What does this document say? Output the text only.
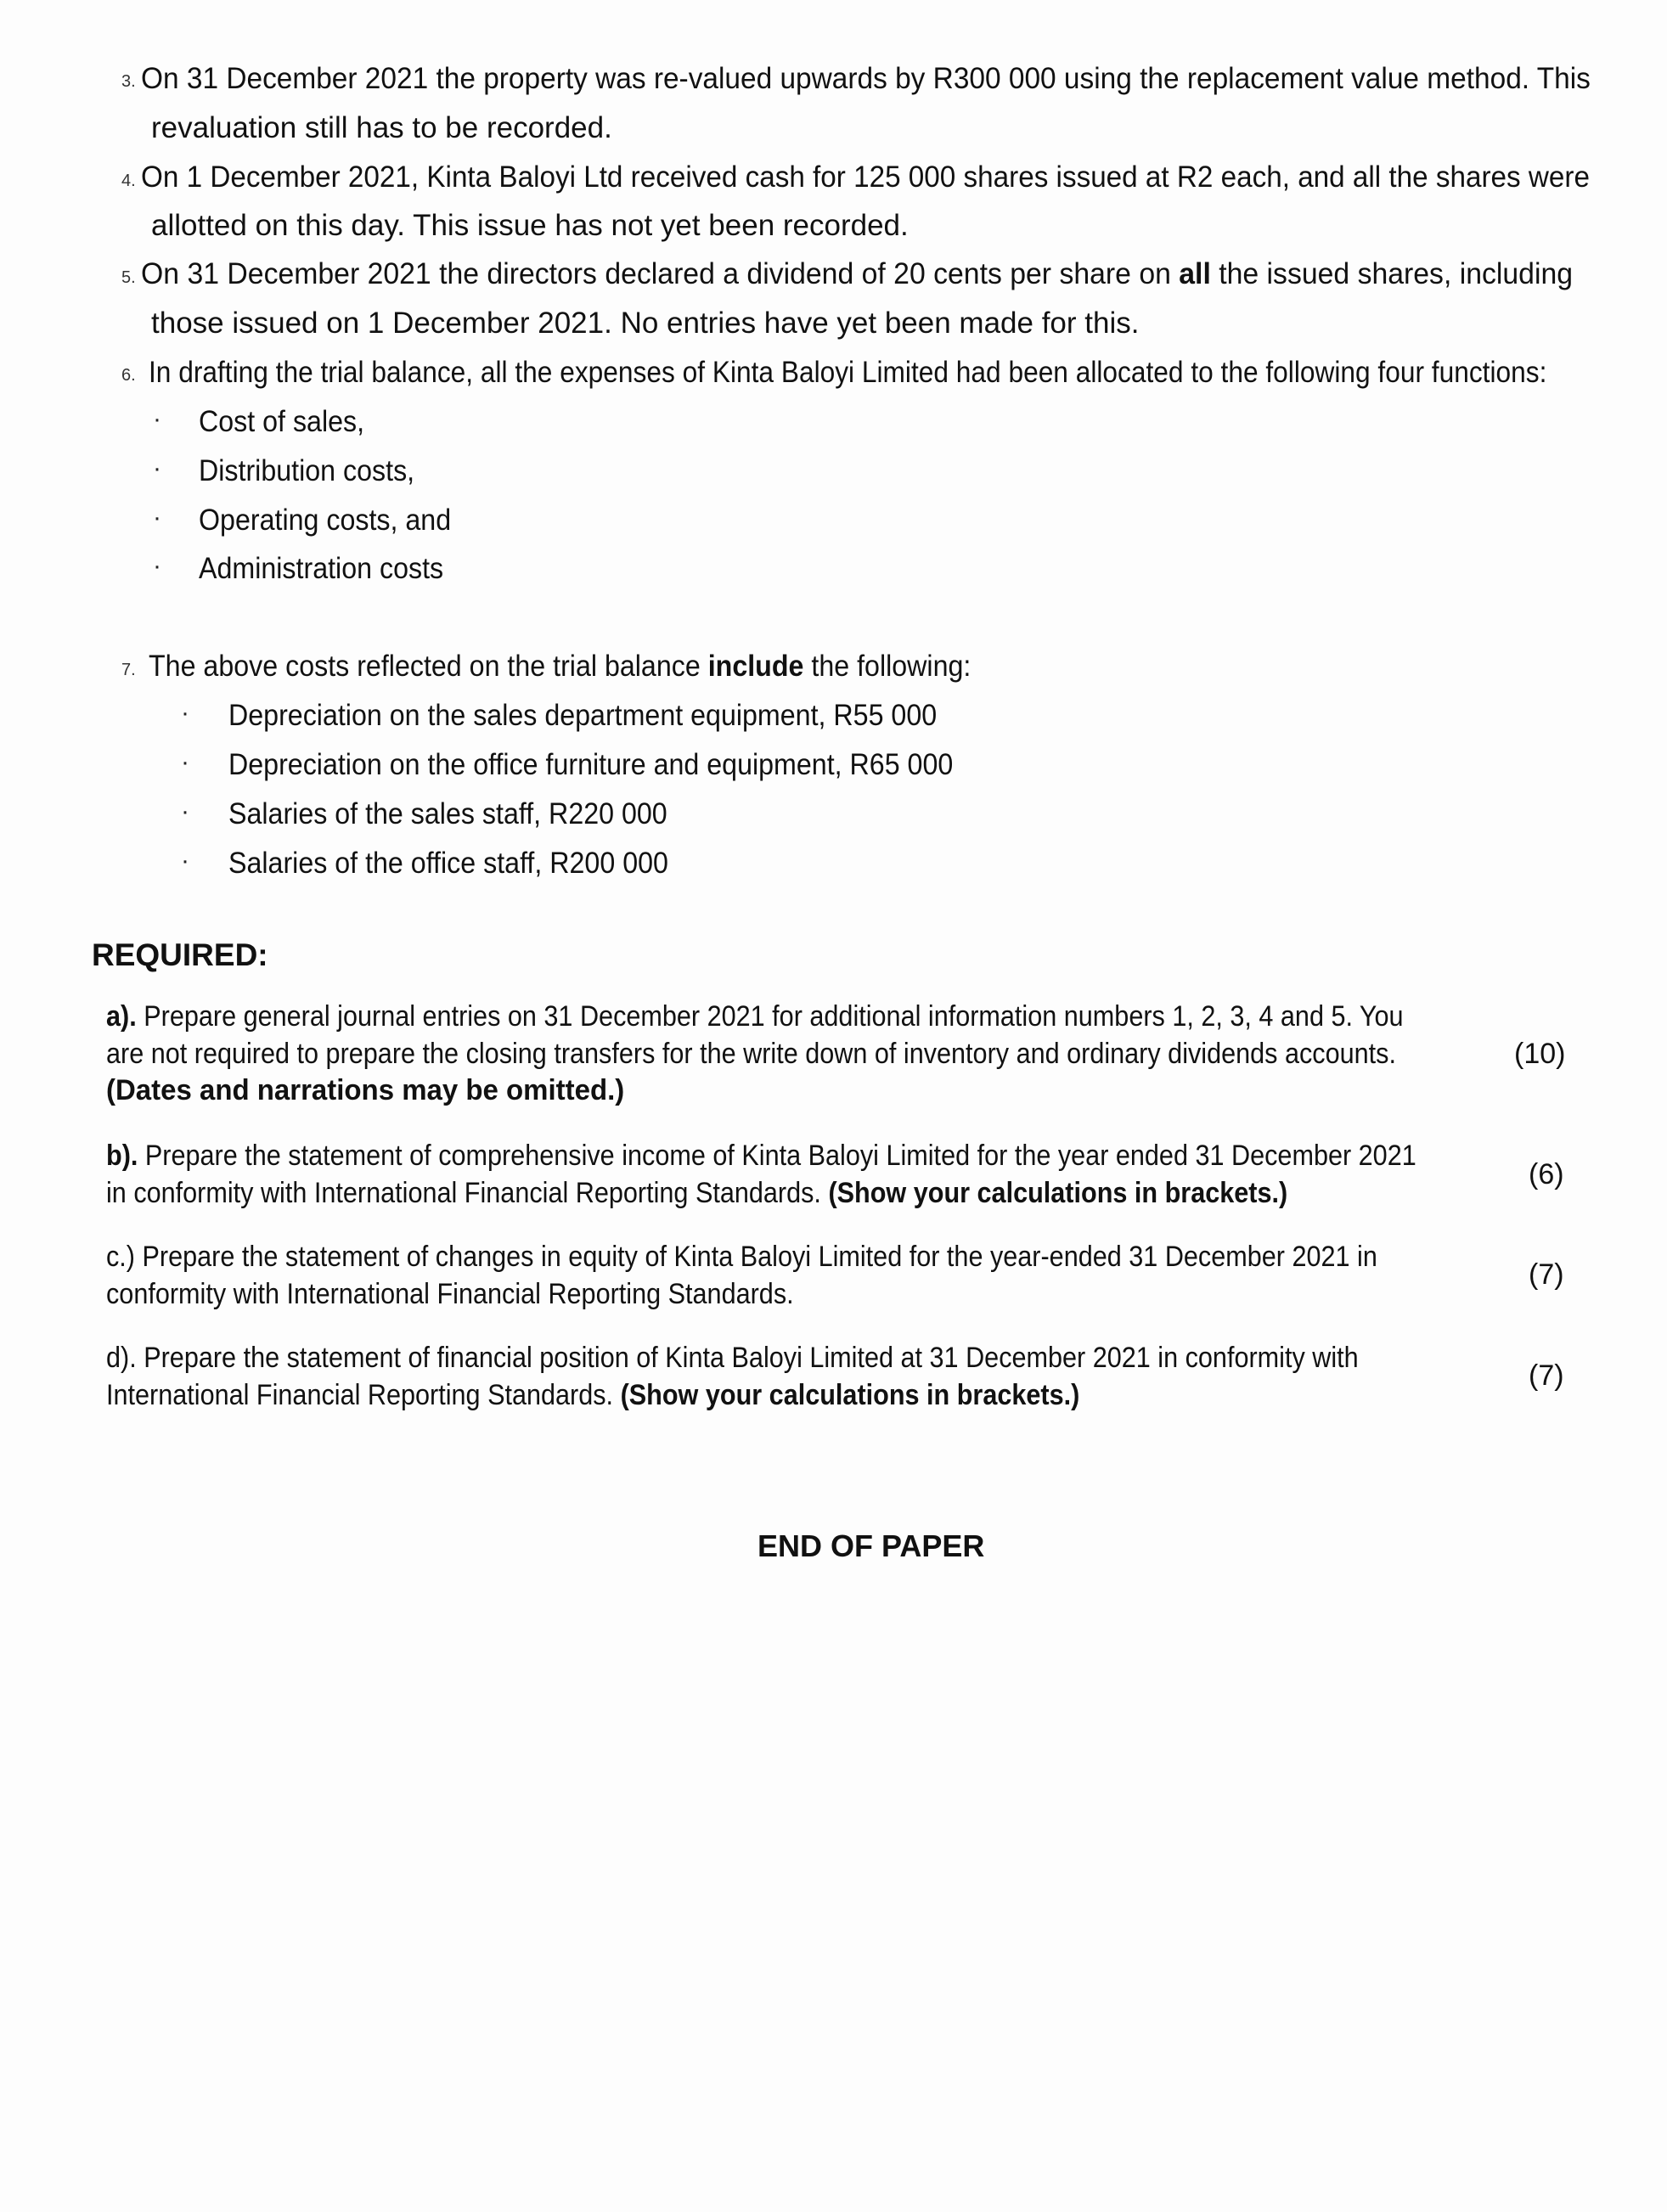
3. On 31 December 2021 the property was re-valued upwards by R300 000 using the replacement value method. This
revaluation still has to be recorded.
4. On 1 December 2021, Kinta Baloyi Ltd received cash for 125 000 shares issued at R2 each, and all the shares were
allotted on this day. This issue has not yet been recorded.
5. On 31 December 2021 the directors declared a dividend of 20 cents per share on all the issued shares, including
those issued on 1 December 2021. No entries have yet been made for this.
6. In drafting the trial balance, all the expenses of Kinta Baloyi Limited had been allocated to the following four functions:
· Cost of sales,
· Distribution costs,
· Operating costs, and
· Administration costs
7. The above costs reflected on the trial balance include the following:
· Depreciation on the sales department equipment, R55 000
· Depreciation on the office furniture and equipment, R65 000
· Salaries of the sales staff, R220 000
· Salaries of the office staff, R200 000
REQUIRED:
a). Prepare general journal entries on 31 December 2021 for additional information numbers 1, 2, 3, 4 and 5. You
are not required to prepare the closing transfers for the write down of inventory and ordinary dividends accounts.
(Dates and narrations may be omitted.)
(10)
b). Prepare the statement of comprehensive income of Kinta Baloyi Limited for the year ended 31 December 2021
in conformity with International Financial Reporting Standards. (Show your calculations in brackets.)
(6)
c.) Prepare the statement of changes in equity of Kinta Baloyi Limited for the year-ended 31 December 2021 in
conformity with International Financial Reporting Standards.
(7)
d). Prepare the statement of financial position of Kinta Baloyi Limited at 31 December 2021 in conformity with
International Financial Reporting Standards. (Show your calculations in brackets.)
(7)
END OF PAPER
